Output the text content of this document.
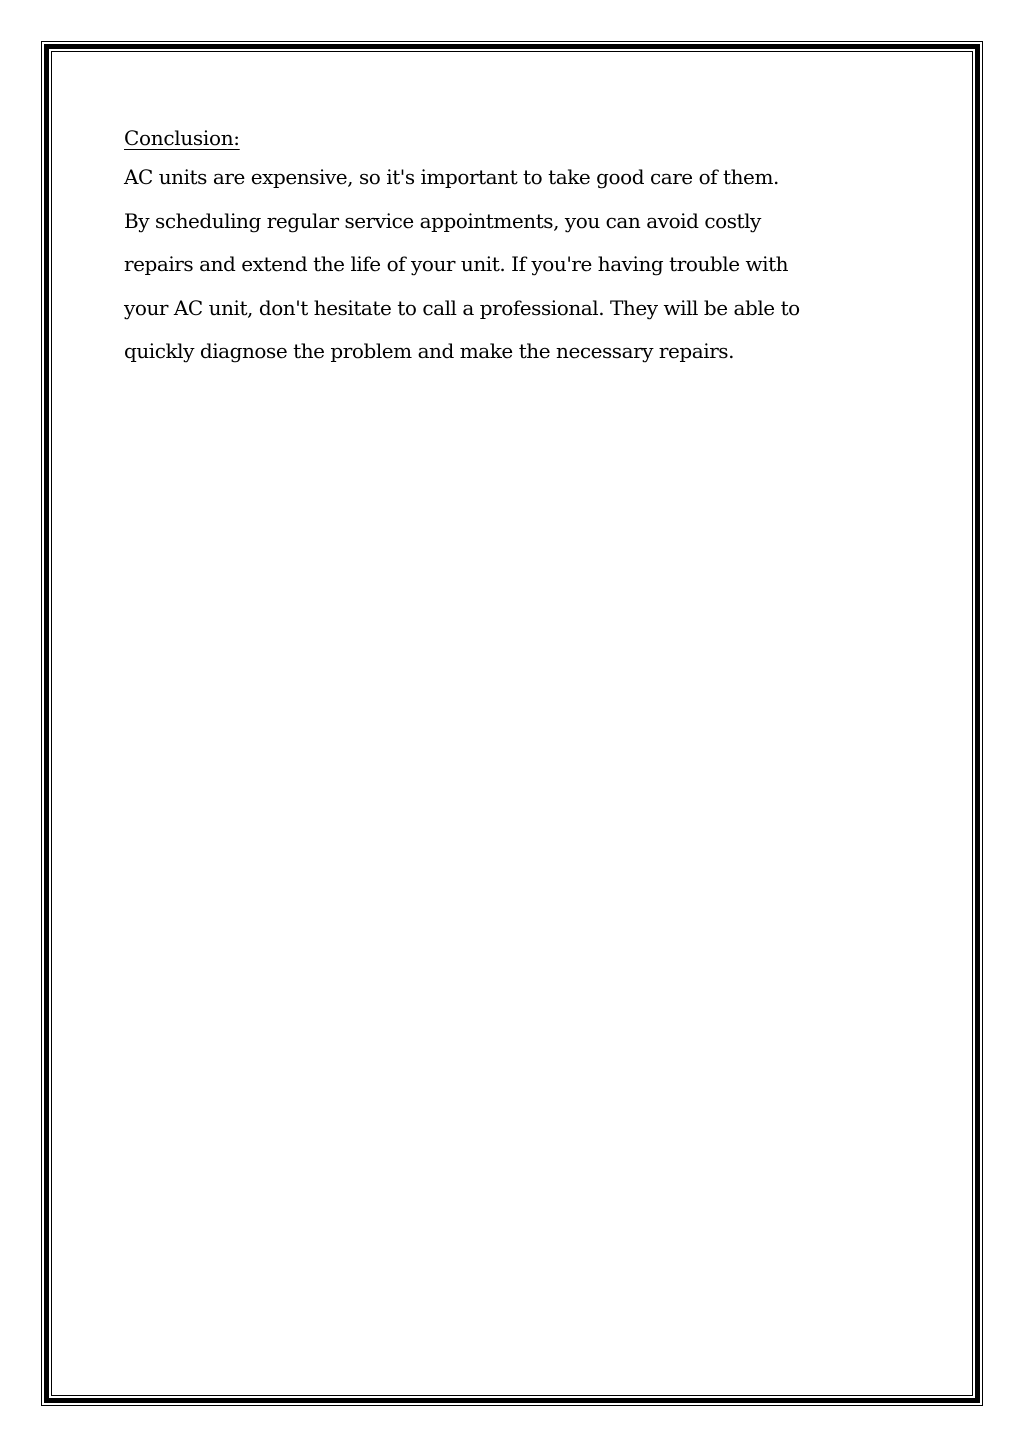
Conclusion:

AC units are expensive, so it's important to take good care of them.

By scheduling regular service appointments, you can avoid costly

repairs and extend the life of your unit. If you're having trouble with

your AC unit, don't hesitate to call a professional. They will be able to

quickly diagnose the problem and make the necessary repairs.
